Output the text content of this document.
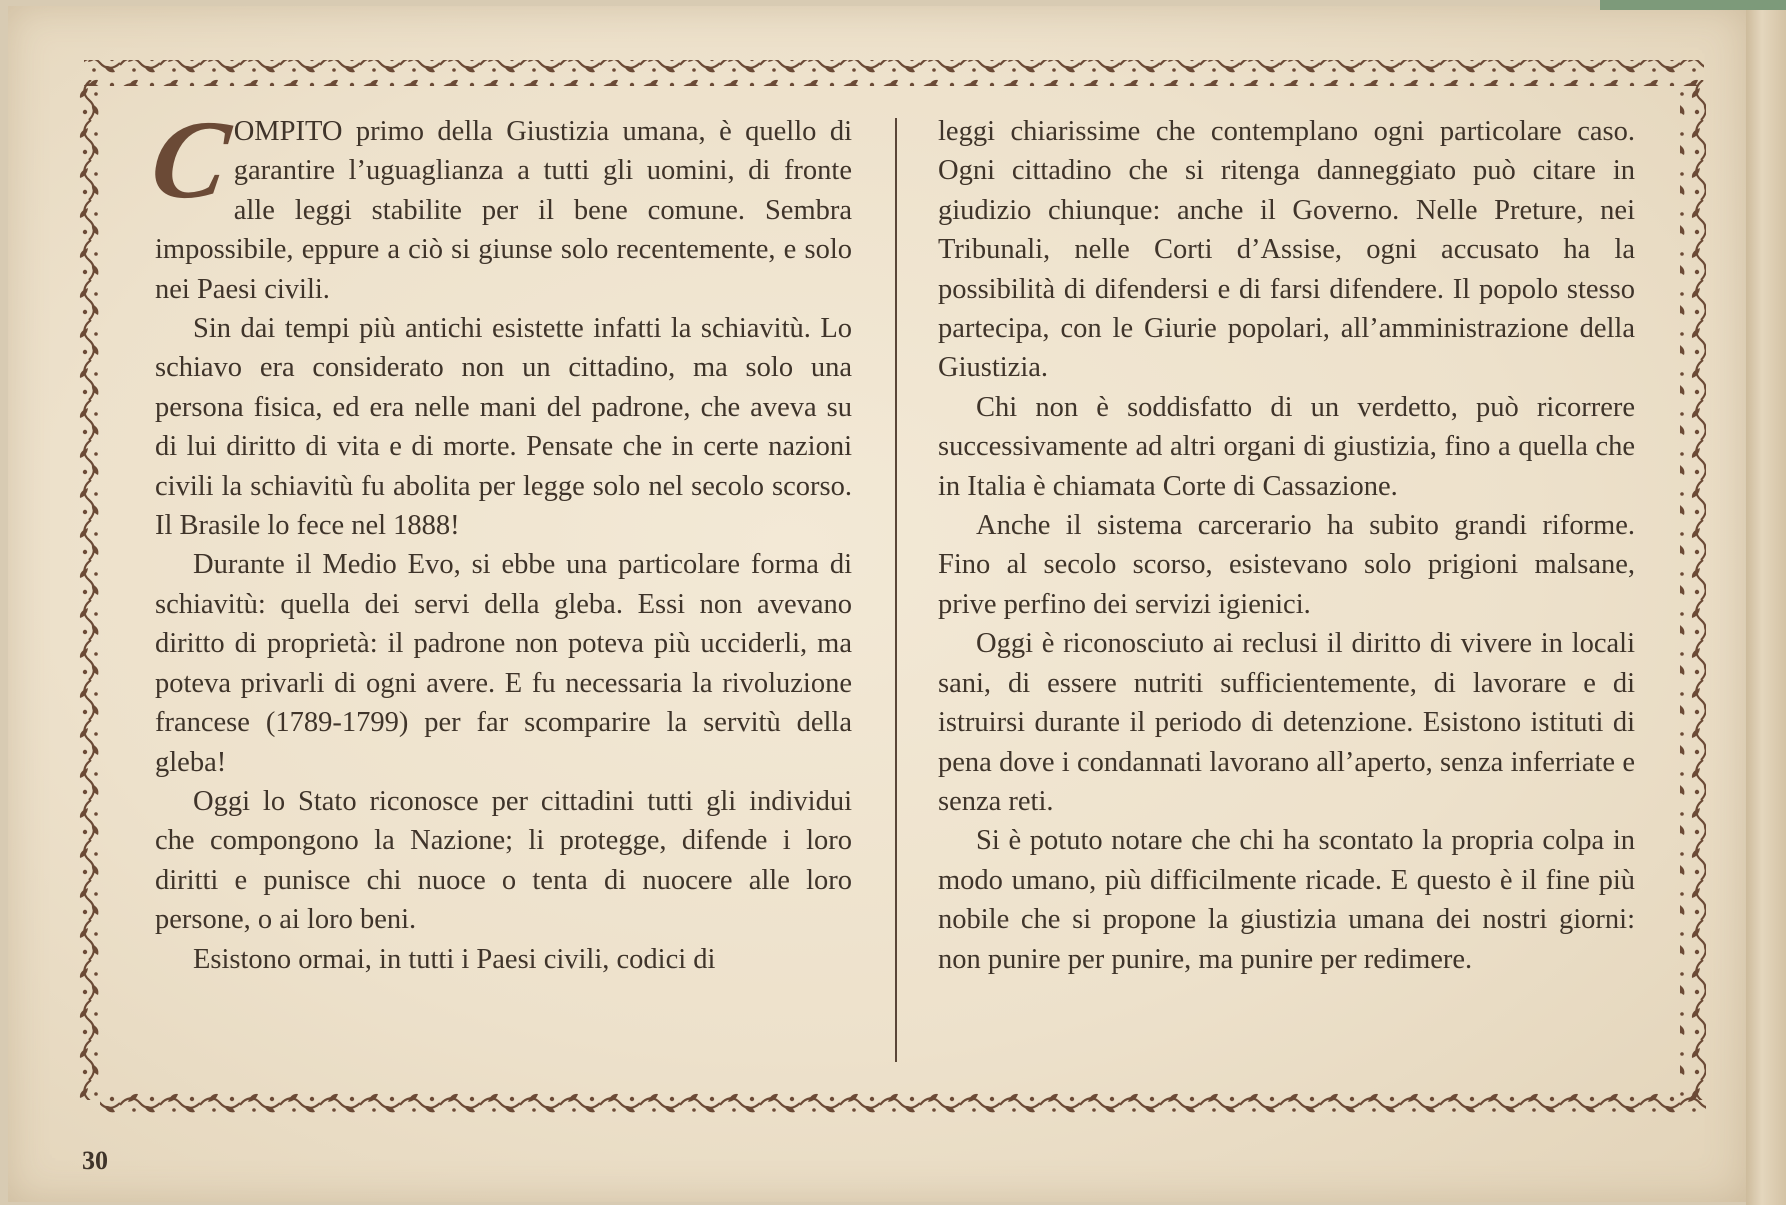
C
OMPITO primo della Giustizia umana, è quello di garantire l’uguaglianza a tutti gli uomini, di fronte alle leggi stabilite per il bene comune. Sembra impossibile, eppure a ciò si giunse solo recentemente, e solo nei Paesi civili.

Sin dai tempi più antichi esistette infatti la schiavitù. Lo schiavo era considerato non un cittadino, ma solo una persona fisica, ed era nelle mani del padrone, che aveva su di lui diritto di vita e di morte. Pensate che in certe nazioni civili la schiavitù fu abolita per legge solo nel secolo scorso. Il Brasile lo fece nel 1888!

Durante il Medio Evo, si ebbe una particolare forma di schiavitù: quella dei servi della gleba. Essi non avevano diritto di proprietà: il padrone non poteva più ucciderli, ma poteva privarli di ogni avere. E fu necessaria la rivoluzione francese (1789-1799) per far scomparire la servitù della gleba!

Oggi lo Stato riconosce per cittadini tutti gli individui che compongono la Nazione; li protegge, difende i loro diritti e punisce chi nuoce o tenta di nuocere alle loro persone, o ai loro beni.

Esistono ormai, in tutti i Paesi civili, codici di

leggi chiarissime che contemplano ogni particolare caso. Ogni cittadino che si ritenga danneggiato può citare in giudizio chiunque: anche il Governo. Nelle Preture, nei Tribunali, nelle Corti d’Assise, ogni accusato ha la possibilità di difendersi e di farsi difendere. Il popolo stesso partecipa, con le Giurie popolari, all’amministrazione della Giustizia.

Chi non è soddisfatto di un verdetto, può ricorrere successivamente ad altri organi di giustizia, fino a quella che in Italia è chiamata Corte di Cassazione.

Anche il sistema carcerario ha subito grandi riforme. Fino al secolo scorso, esistevano solo prigioni malsane, prive perfino dei servizi igienici.

Oggi è riconosciuto ai reclusi il diritto di vivere in locali sani, di essere nutriti sufficientemente, di lavorare e di istruirsi durante il periodo di detenzione. Esistono istituti di pena dove i condannati lavorano all’aperto, senza inferriate e senza reti.

Si è potuto notare che chi ha scontato la propria colpa in modo umano, più difficilmente ricade. E questo è il fine più nobile che si propone la giustizia umana dei nostri giorni: non punire per punire, ma punire per redimere.

30
